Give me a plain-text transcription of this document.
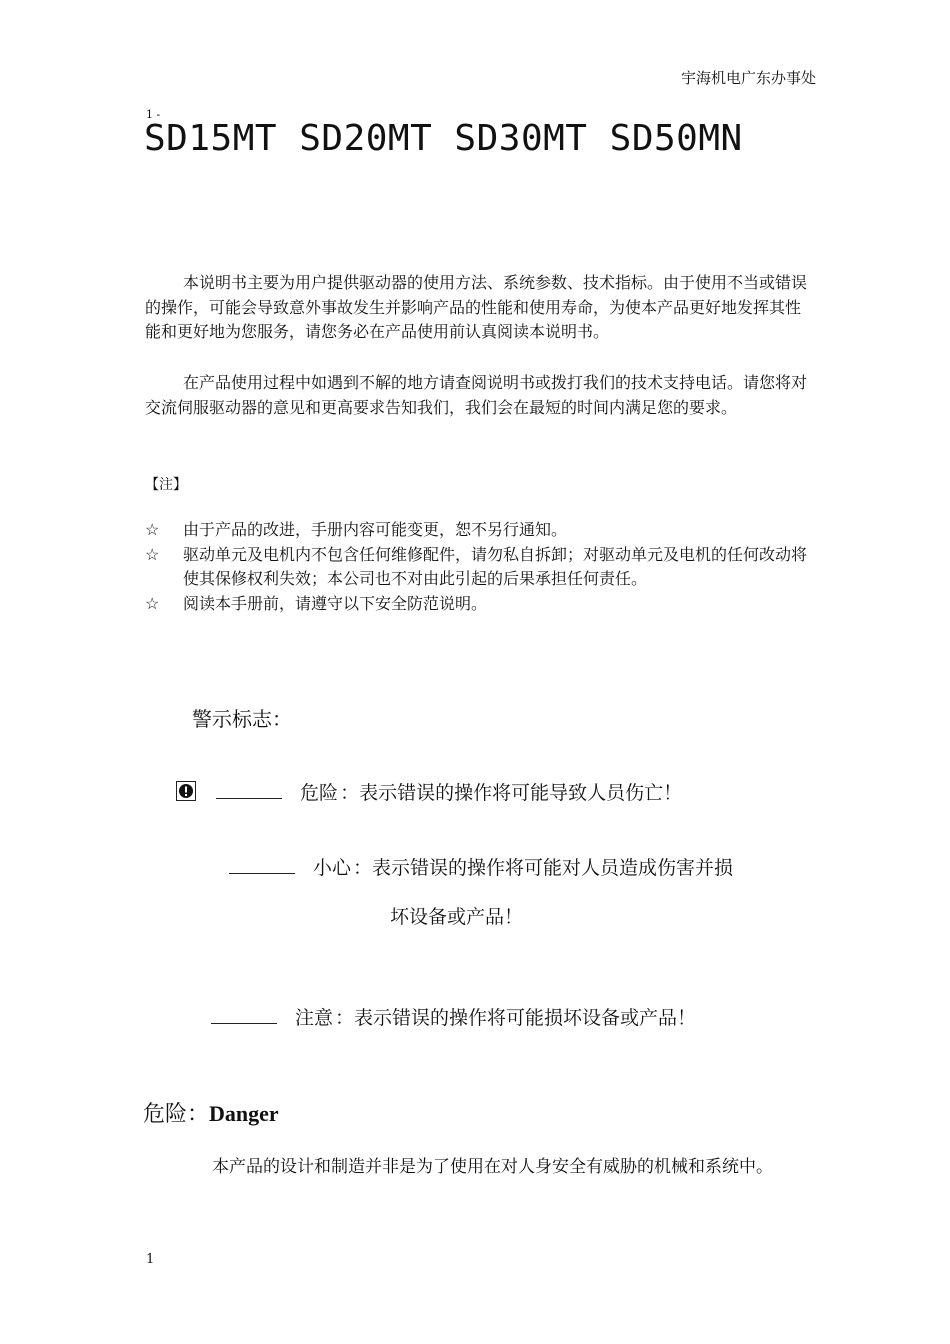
宇海机电广东办事处
1 -
SD15MT SD20MT SD30MT SD50MN
本说明书主要为用户提供驱动器的使用方法、系统参数、技术指标。由于使用不当或错误的操作，可能会导致意外事故发生并影响产品的性能和使用寿命，为使本产品更好地发挥其性能和更好地为您服务，请您务必在产品使用前认真阅读本说明书。
在产品使用过程中如遇到不解的地方请查阅说明书或拨打我们的技术支持电话。请您将对交流伺服驱动器的意见和更高要求告知我们，我们会在最短的时间内满足您的要求。
【注】
☆ 由于产品的改进，手册内容可能变更，恕不另行通知。
☆ 驱动单元及电机内不包含任何维修配件，请勿私自拆卸；对驱动单元及电机的任何改动将使其保修权利失效；本公司也不对由此引起的后果承担任何责任。
☆ 阅读本手册前，请遵守以下安全防范说明。
警示标志：
危险 ：表示错误的操作将可能导致人员伤亡！
小心 ：表示错误的操作将可能对人员造成伤害并损
坏设备或产品！
注意 ：表示错误的操作将可能损坏设备或产品！
危险：Danger
本产品的设计和制造并非是为了使用在对人身安全有威胁的机械和系统中。
1
